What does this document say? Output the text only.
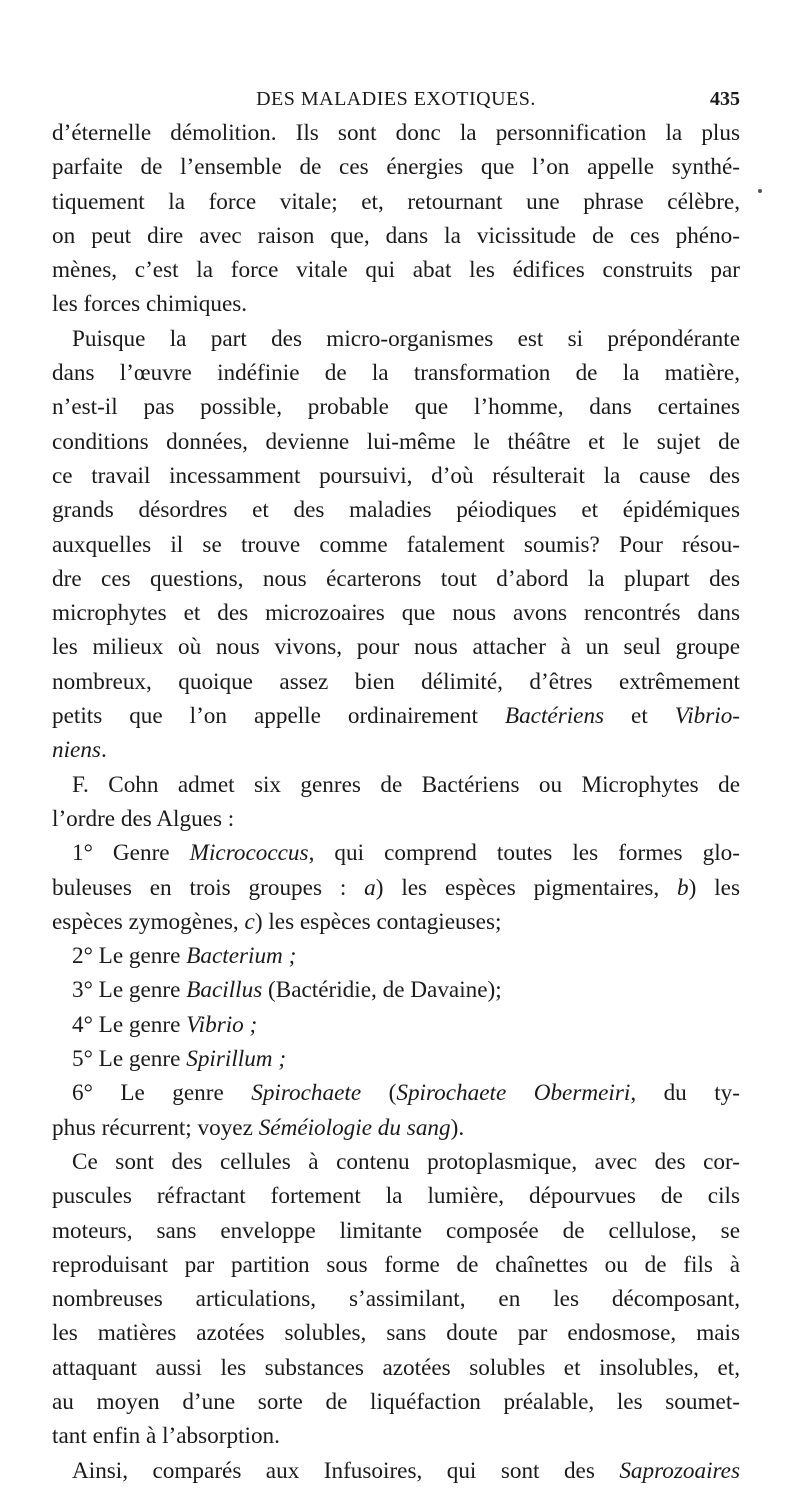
DES MALADIES EXOTIQUES.	435
d’éternelle démolition. Ils sont donc la personnification la plus
parfaite de l’ensemble de ces énergies que l’on appelle synthé-
tiquement la force vitale; et, retournant une phrase célèbre,
on peut dire avec raison que, dans la vicissitude de ces phéno-
mènes, c’est la force vitale qui abat les édifices construits par
les forces chimiques.
Puisque la part des micro-organismes est si prépondérante
dans l’œuvre indéfinie de la transformation de la matière,
n’est-il pas possible, probable que l’homme, dans certaines
conditions données, devienne lui-même le théâtre et le sujet de
ce travail incessamment poursuivi, d’où résulterait la cause des
grands désordres et des maladies péiodiques et épidémiques
auxquelles il se trouve comme fatalement soumis? Pour résou-
dre ces questions, nous écarterons tout d’abord la plupart des
microphytes et des microzoaires que nous avons rencontrés dans
les milieux où nous vivons, pour nous attacher à un seul groupe
nombreux, quoique assez bien délimité, d’êtres extrêmement
petits que l’on appelle ordinairement Bactériens et Vibrio-
niens.
F. Cohn admet six genres de Bactériens ou Microphytes de
l’ordre des Algues :
1° Genre Micrococcus, qui comprend toutes les formes glo-
buleuses en trois groupes : a) les espèces pigmentaires, b) les
espèces zymogènes, c) les espèces contagieuses;
2° Le genre Bacterium ;
3° Le genre Bacillus (Bactéridie, de Davaine);
4° Le genre Vibrio ;
5° Le genre Spirillum ;
6° Le genre Spirochaete (Spirochaete Obermeiri, du ty-
phus récurrent; voyez Séméiologie du sang).
Ce sont des cellules à contenu protoplasmique, avec des cor-
puscules réfractant fortement la lumière, dépourvues de cils
moteurs, sans enveloppe limitante composée de cellulose, se
reproduisant par partition sous forme de chaînettes ou de fils à
nombreuses articulations, s’assimilant, en les décomposant,
les matières azotées solubles, sans doute par endosmose, mais
attaquant aussi les substances azotées solubles et insolubles, et,
au moyen d’une sorte de liquéfaction préalable, les soumet-
tant enfin à l’absorption.
Ainsi, comparés aux Infusoires, qui sont des Saprozoaires
